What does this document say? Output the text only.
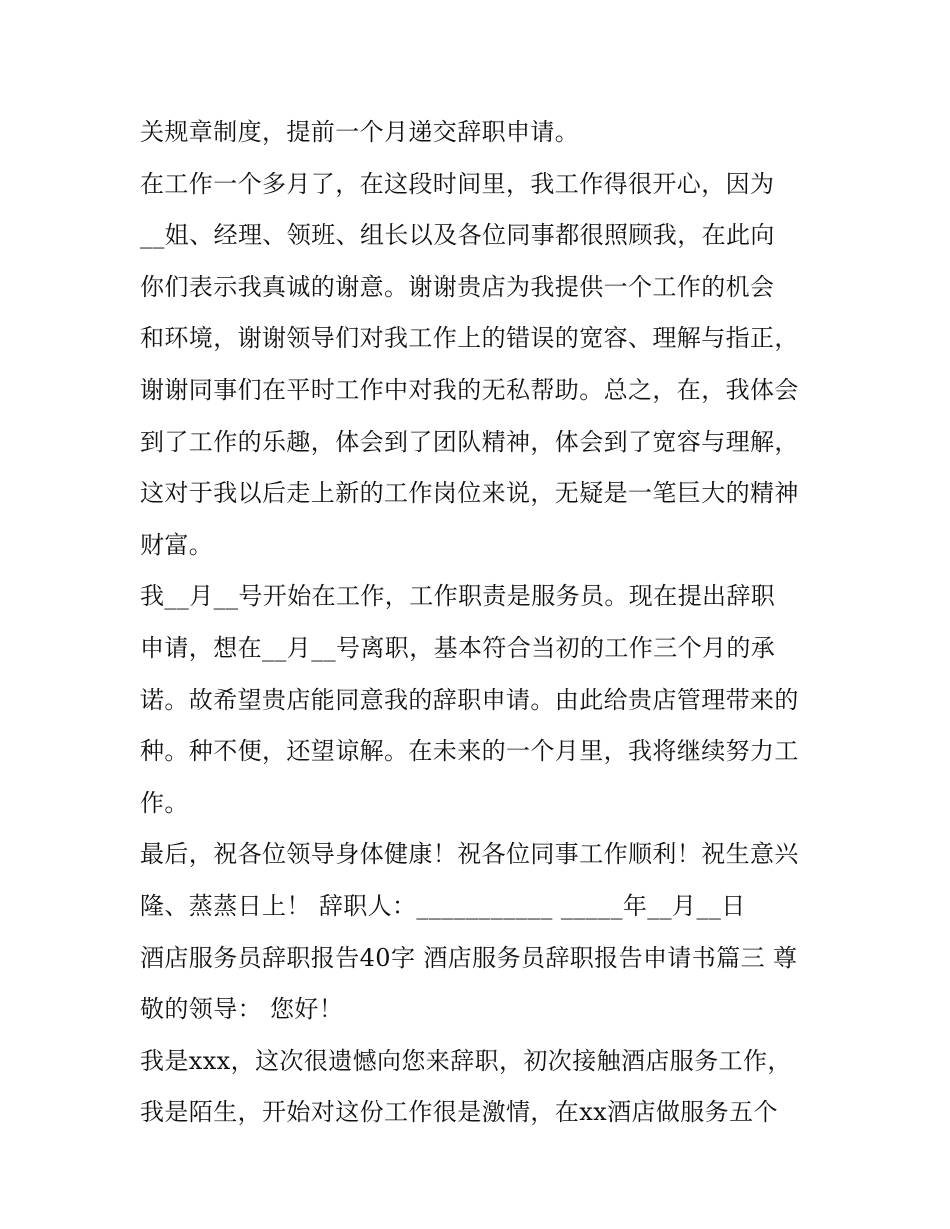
关规章制度，提前一个月递交辞职申请。
在工作一个多月了，在这段时间里，我工作得很开心，因为
__姐、经理、领班、组长以及各位同事都很照顾我，在此向
你们表示我真诚的谢意。谢谢贵店为我提供一个工作的机会
和环境，谢谢领导们对我工作上的错误的宽容、理解与指正，
谢谢同事们在平时工作中对我的无私帮助。总之，在，我体会
到了工作的乐趣，体会到了团队精神，体会到了宽容与理解，
这对于我以后走上新的工作岗位来说，无疑是一笔巨大的精神
财富。
我__月__号开始在工作，工作职责是服务员。现在提出辞职
申请，想在__月__号离职，基本符合当初的工作三个月的承
诺。故希望贵店能同意我的辞职申请。由此给贵店管理带来的
种。种不便，还望谅解。在未来的一个月里，我将继续努力工
作。
最后，祝各位领导身体健康！祝各位同事工作顺利！祝生意兴
隆、蒸蒸日上！ 辞职人：___________ _____年__月__日
酒店服务员辞职报告40字 酒店服务员辞职报告申请书篇三 尊
敬的领导： 您好！
我是xxx，这次很遗憾向您来辞职，初次接触酒店服务工作，
我是陌生，开始对这份工作很是激情，在xx酒店做服务五个
